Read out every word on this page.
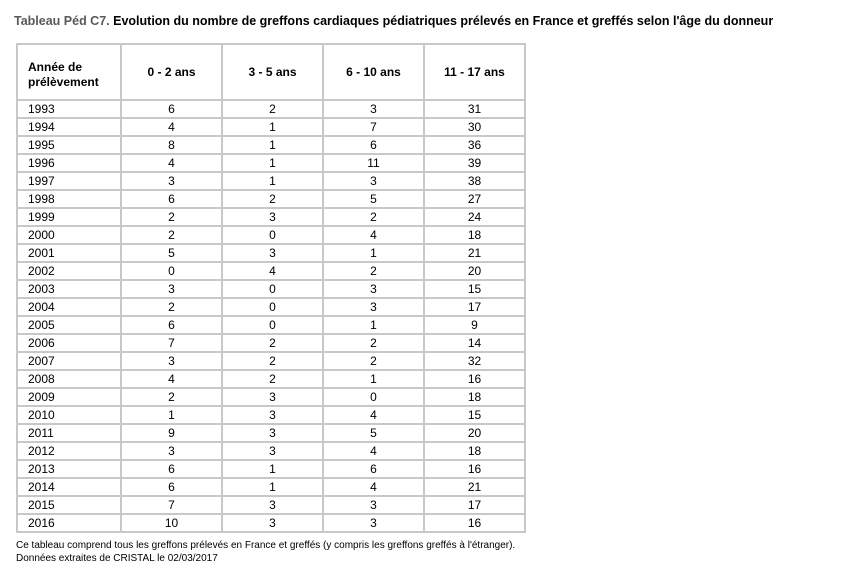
Tableau Péd C7. Evolution du nombre de greffons cardiaques pédiatriques prélevés en France et greffés selon l'âge du donneur
Année de prélèvement	0 - 2 ans	3 - 5 ans	6 - 10 ans	11 - 17 ans
1993	6	2	3	31
1994	4	1	7	30
1995	8	1	6	36
1996	4	1	11	39
1997	3	1	3	38
1998	6	2	5	27
1999	2	3	2	24
2000	2	0	4	18
2001	5	3	1	21
2002	0	4	2	20
2003	3	0	3	15
2004	2	0	3	17
2005	6	0	1	9
2006	7	2	2	14
2007	3	2	2	32
2008	4	2	1	16
2009	2	3	0	18
2010	1	3	4	15
2011	9	3	5	20
2012	3	3	4	18
2013	6	1	6	16
2014	6	1	4	21
2015	7	3	3	17
2016	10	3	3	16
Ce tableau comprend tous les greffons prélevés en France et greffés (y compris les greffons greffés à l'étranger).
Données extraites de CRISTAL le 02/03/2017
